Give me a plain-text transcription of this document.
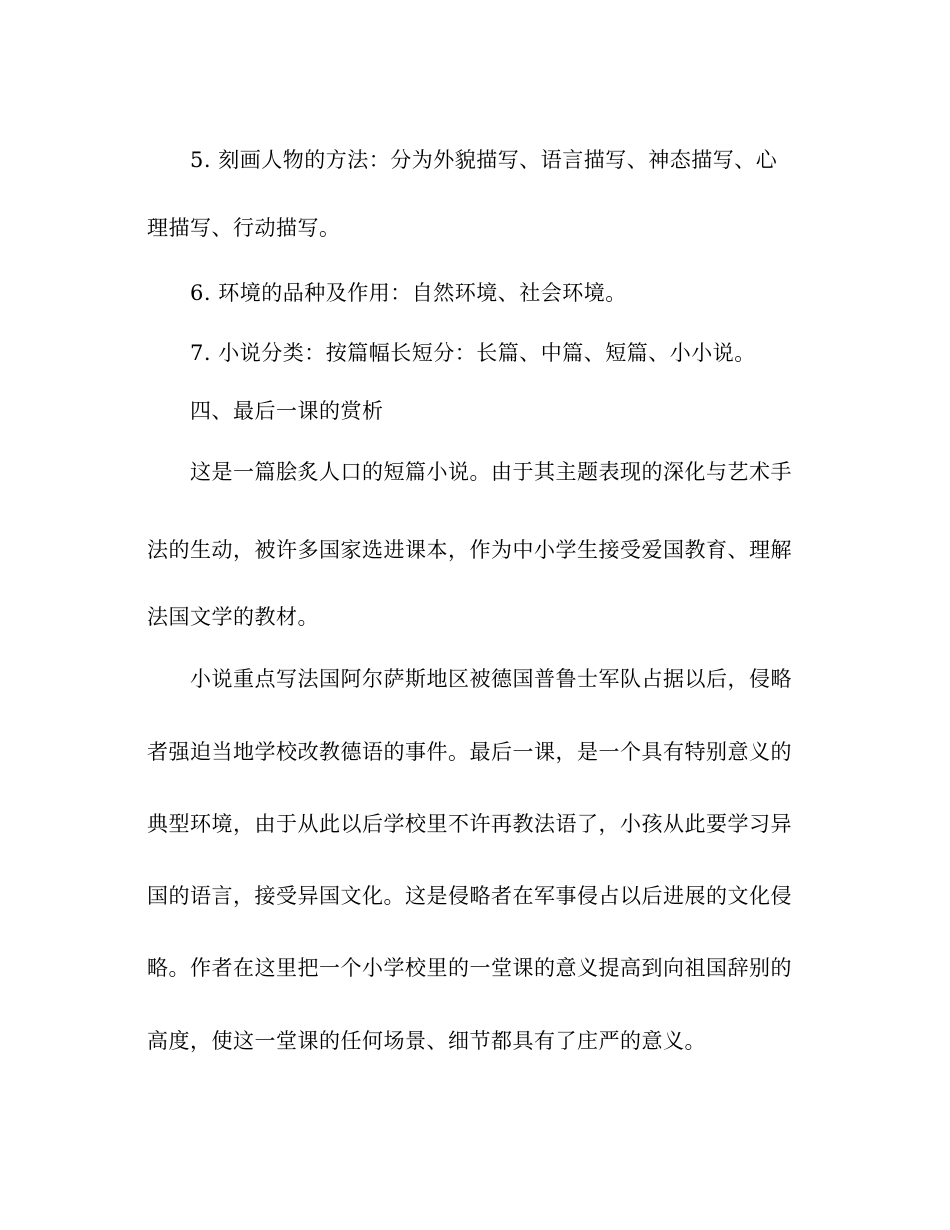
5. 刻画人物的方法：分为外貌描写、语言描写、神态描写、心
理描写、行动描写。
6. 环境的品种及作用：自然环境、社会环境。
7. 小说分类：按篇幅长短分：长篇、中篇、短篇、小小说。
四、最后一课的赏析
这是一篇脍炙人口的短篇小说。由于其主题表现的深化与艺术手
法的生动，被许多国家选进课本，作为中小学生接受爱国教育、理解
法国文学的教材。
小说重点写法国阿尔萨斯地区被德国普鲁士军队占据以后，侵略
者强迫当地学校改教德语的事件。最后一课，是一个具有特别意义的
典型环境，由于从此以后学校里不许再教法语了，小孩从此要学习异
国的语言，接受异国文化。这是侵略者在军事侵占以后进展的文化侵
略。作者在这里把一个小学校里的一堂课的意义提高到向祖国辞别的
高度，使这一堂课的任何场景、细节都具有了庄严的意义。
